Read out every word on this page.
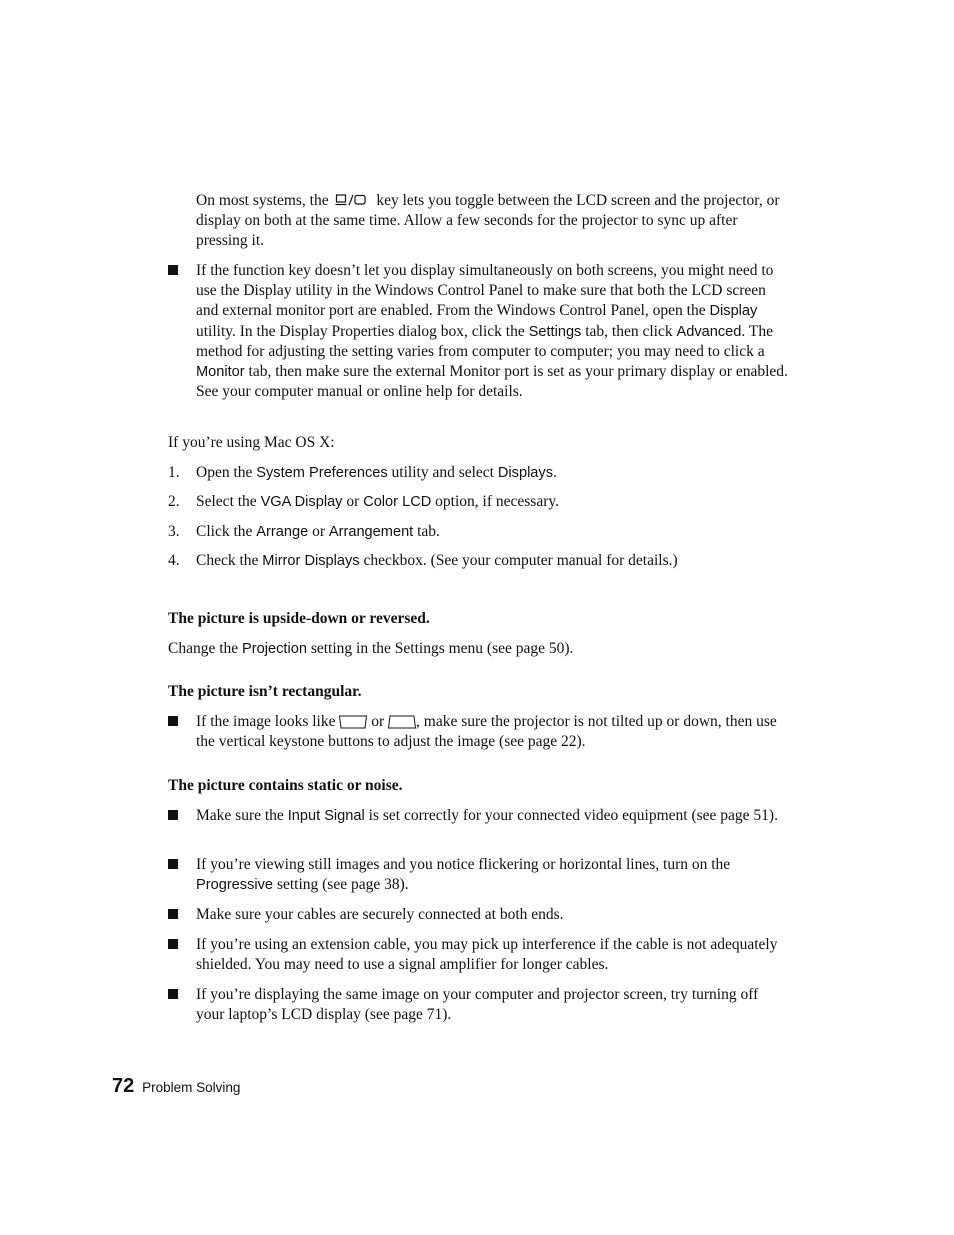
On most systems, the	key lets you toggle between the LCD screen and the projector, or display on both at the same time. Allow a few seconds for the projector to sync up after pressing it.
If the function key doesn’t let you display simultaneously on both screens, you might need to use the Display utility in the Windows Control Panel to make sure that both the LCD screen and external monitor port are enabled. From the Windows Control Panel, open the Display utility. In the Display Properties dialog box, click the Settings tab, then click Advanced. The method for adjusting the setting varies from computer to computer; you may need to click a Monitor tab, then make sure the external Monitor port is set as your primary display or enabled. See your computer manual or online help for details.
If you’re using Mac OS X:
1. Open the System Preferences utility and select Displays.
2. Select the VGA Display or Color LCD option, if necessary.
3. Click the Arrange or Arrangement tab.
4. Check the Mirror Displays checkbox. (See your computer manual for details.)
The picture is upside-down or reversed.
Change the Projection setting in the Settings menu (see page 50).
The picture isn’t rectangular.
If the image looks like or , make sure the projector is not tilted up or down, then use the vertical keystone buttons to adjust the image (see page 22).
The picture contains static or noise.
Make sure the Input Signal is set correctly for your connected video equipment (see page 51).
If you’re viewing still images and you notice flickering or horizontal lines, turn on the Progressive setting (see page 38).
Make sure your cables are securely connected at both ends.
If you’re using an extension cable, you may pick up interference if the cable is not adequately shielded. You may need to use a signal amplifier for longer cables.
If you’re displaying the same image on your computer and projector screen, try turning off your laptop’s LCD display (see page 71).
72 Problem Solving
